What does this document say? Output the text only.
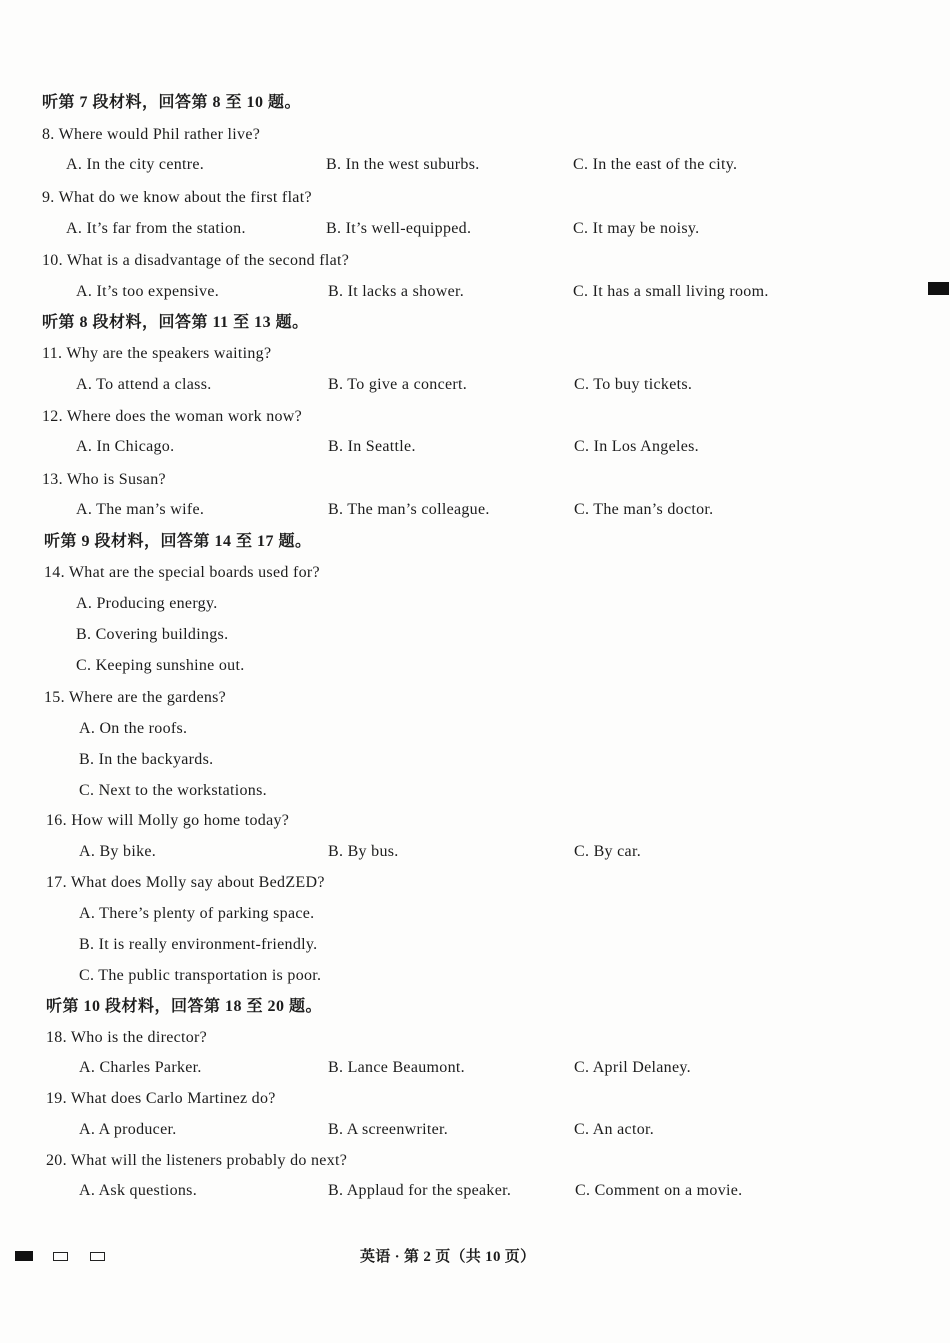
听第 7 段材料，回答第 8 至 10 题。
8. Where would Phil rather live?
A. In the city centre.	B. In the west suburbs.	C. In the east of the city.
9. What do we know about the first flat?
A. It’s far from the station.	B. It’s well-equipped.	C. It may be noisy.
10. What is a disadvantage of the second flat?
A. It’s too expensive.	B. It lacks a shower.	C. It has a small living room.
听第 8 段材料，回答第 11 至 13 题。
11. Why are the speakers waiting?
A. To attend a class.	B. To give a concert.	C. To buy tickets.
12. Where does the woman work now?
A. In Chicago.	B. In Seattle.	C. In Los Angeles.
13. Who is Susan?
A. The man’s wife.	B. The man’s colleague.	C. The man’s doctor.
听第 9 段材料，回答第 14 至 17 题。
14. What are the special boards used for?
A. Producing energy.
B. Covering buildings.
C. Keeping sunshine out.
15. Where are the gardens?
A. On the roofs.
B. In the backyards.
C. Next to the workstations.
16. How will Molly go home today?
A. By bike.	B. By bus.	C. By car.
17. What does Molly say about BedZED?
A. There’s plenty of parking space.
B. It is really environment-friendly.
C. The public transportation is poor.
听第 10 段材料，回答第 18 至 20 题。
18. Who is the director?
A. Charles Parker.	B. Lance Beaumont.	C. April Delaney.
19. What does Carlo Martinez do?
A. A producer.	B. A screenwriter.	C. An actor.
20. What will the listeners probably do next?
A. Ask questions.	B. Applaud for the speaker.	C. Comment on a movie.
英语 · 第 2 页（共 10 页）
